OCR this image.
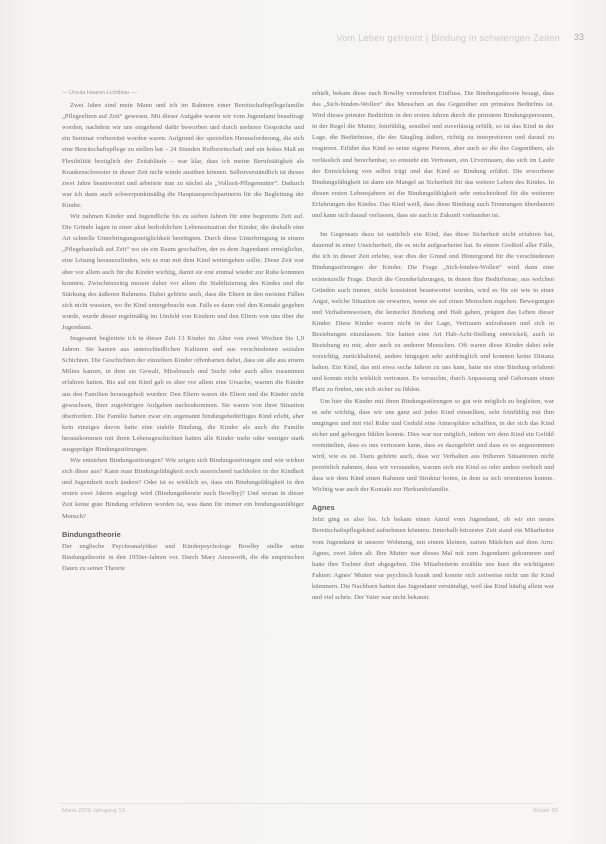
Vom Leben getrennt | Bindung in schwierigen Zeiten 33

— Ursula Haaren-Lichtblau —

Zwei Jahre sind mein Mann und ich im Rahmen einer Bereitschaftspflegefamilie „Pflegeeltern auf Zeit“ gewesen. Mit dieser Aufgabe waren wir vom Jugendamt beauftragt worden, nachdem wir uns eingehend dafür beworben und durch mehrere Gespräche und ein Seminar vorbereitet worden waren. Aufgrund der speziellen Herausforderung, die sich eine Bereitschaftspflege zu stellen hat – 24 Stunden Rufbereitschaft und ein hohes Maß an Flexibilität bezüglich der Zeitabläufe – war klar, dass ich meine Berufstätigkeit als Krankenschwester in dieser Zeit nicht würde ausüben können. Selbstverständlich ist dieses zwei Jahre beantwortet und arbeitete nun zu nächst als „Vollzeit-Pflegemutter“. Dadurch war ich dann auch schwerpunktmäßig die Hauptansprechpartnerin für die Begleitung der Kinder.

Wir nahmen Kinder und Jugendliche bis zu sieben Jahren für eine begrenzte Zeit auf. Die Gründe lagen in einer akut bedrohlichen Lebenssituation der Kinder, die deshalb eine Art schnelle Unterbringungsmöglichkeit benötigten. Durch diese Unterbringung in einem „Pflegehaushalt auf Zeit“ wo sie ein Raum geschaffen, der es dem Jugendamt ermöglichte, eine Lösung herauszufinden, wie es nun mit dem Kind weitergehen sollte. Diese Zeit war aber vor allem auch für die Kinder wichtig, damit sie erst einmal wieder zur Ruhe kommen konnten. Zwischenzeitig musste daher vor allem die Stabilisierung des Kindes und die Stärkung des äußeren Rahmens. Dabei gehörte auch, dass die Eltern in den meisten Fällen sich nicht wussten, wo ihr Kind untergebracht war. Falls es dann viel den Kontakt gegeben wurde, wurde dieser regelmäßig im Umfeld von Kindern und den Eltern von uns über die Jugendamt.

Insgesamt begleitete ich in dieser Zeit 13 Kinder im Alter von zwei Wochen bis 1,9 Jahren. Sie kamen aus unterschiedlichen Kulturen und aus verschiedenen sozialen Schichten. Die Geschichten der einzelnen Kinder offenbarten dabei, dass sie alle aus einem Milieu kamen, in dem sie Gewalt, Missbrauch und Sucht oder auch alles zusammen erfahren hatten. Bis auf ein Kind gab es aber vor allem eine Ursache, warum die Kinder aus den Familien herausgeholt wurden: Den Eltern waren die Eltern und die Kinder nicht gewachsen, ihrer zugehörigen Aufgaben nachzukommen. Sie waren von ihrer Situation überfordert. Die Familie hatten zwar ein sogenannt bindungsbedürftiges Kind erlebt, aber kein einziges davon hatte eine stabile Bindung, die Kinder als auch die Familie herauskommen mit ihren Lebensgeschichten hatten alle Kinder mehr oder weniger stark ausgeprägte Bindungsstörungen.

Wie entstehen Bindungsstörungen? Wie zeigen sich Bindungsstörungen und wie wirken sich diese aus? Kann man Bindungsfähigkeit noch ausreichend nachholen in der Kindheit und Jugendzeit noch ändern? Oder ist es wirklich so, dass ein Bindungsfähigkeit in den ersten zwei Jahren angelegt wird (Bindungstheorie nach Bowlby)? Und woran in dieser Zeit keine gute Bindung erfahren worden ist, was dann für immer ein bindungsunfähiger Mensch?

Bindungstheorie

Der englische Psychoanalytiker und Kinderpsychologe Bowlby stellte seine Bindungstheorie in den 1950er-Jahren vor. Durch Mary Ainsworth, die die empirischen Daten zu seiner Theorie

erhielt, bekam diese nach Bowlby vermehrten Einfluss. Die Bindungstheorie besagt, dass das „Sich-binden-Wollen“ des Menschen an das Gegenüber ein primäres Bedürfnis ist. Wird dieses primäre Bedürfnis in den ersten Jahren durch die primären Bindungspersonen, in der Regel die Mutter, feinfühlig, sensibel und zuverlässig erfüllt, so ist das Kind in der Lage, die Bedürfnisse, die der Säugling äußert, richtig zu interpretieren und darauf zu reagieren. Erfährt das Kind so seine eigene Person, aber auch so die des Gegenübers, als verlässlich und berechenbar, so entsteht ein Vertrauen, ein Urvertrauen, das sich im Laufe der Entwicklung von selbst trägt und das Kind so Bindung erfährt. Die erworbene Bindungsfähigkeit ist dann ein Mangel an Sicherheit für das weitere Leben des Kindes. In diesen ersten Lebensjahren ist die Bindungsfähigkeit sehr entscheidend für die weiteren Erfahrungen des Kindes. Das Kind weiß, dass diese Bindung auch Trennungen überdauern und kann sich darauf verlassen, dass sie auch in Zukunft vorhanden ist.

Im Gegensatz dazu ist natürlich ein Kind, das diese Sicherheit nicht erfahren hat, dauernd in einer Unsicherheit, die es nicht aufgearbeitet hat. In einem Großteil aller Fälle, die ich in dieser Zeit erlebte, war dies der Grund und Hintergrund für die verschiedenen Bindungsstörungen der Kinder. Die Frage „Sich-binden-Wollen“ wird dann eine existenzielle Frage. Durch die Grunderfahrungen, in denen ihre Bedürfnisse, aus welchen Gründen auch immer, nicht konsistent beantwortet wurden, wird es für sie wie in einer Angst, welche Situation sie erwarten, wenn sie auf einen Menschen zugehen. Bewegungen und Verhaltensweisen, die keinerlei Bindung und Halt gaben, prägten das Leben dieser Kinder. Diese Kinder waren nicht in der Lage, Vertrauen aufzubauen und sich in Beziehungen einzulassen. Sie hatten eine Art Hab-Acht-Stellung entwickelt, auch in Beziehung zu mir, aber auch zu anderen Menschen. Oft waren diese Kinder dabei sehr vorsichtig, zurückhaltend, andere hingegen sehr aufdringlich und konnten keine Distanz halten. Ein Kind, das mit etwa sechs Jahren zu uns kam, hatte nie eine Bindung erfahren und konnte nicht wirklich vertrauen. Es versuchte, durch Anpassung und Gehorsam einen Platz zu finden, um sich sicher zu fühlen.

Um hier die Kinder mit ihren Bindungsstörungen so gut wie möglich zu begleiten, war es sehr wichtig, dass wir uns ganz auf jedes Kind einstellten, sehr feinfühlig mit ihm umgingen und mit viel Ruhe und Geduld eine Atmosphäre schafften, in der sich das Kind sicher und geborgen fühlen konnte. Dies war nur möglich, indem wir dem Kind ein Gefühl vermittelten, dass es uns vertrauen kann, dass es dazugehört und dass es so angenommen wird, wie es ist. Dazu gehörte auch, dass wir Verhalten aus früheren Situationen nicht persönlich nahmen, dass wir verstanden, warum sich ein Kind so oder anders verhielt und dass wir dem Kind einen Rahmen und Struktur boten, in dem es sich orientieren konnte. Wichtig war auch der Kontakt zur Herkunftsfamilie.

Agnes

Jetzt ging es also los. Ich bekam einen Anruf vom Jugendamt, ob wir ein neues Bereitschaftspflegekind aufnehmen könnten. Innerhalb kürzester Zeit stand ein Mitarbeiter vom Jugendamt in unserer Wohnung, mit einem kleinen, zarten Mädchen auf dem Arm: Agnes, zwei Jahre alt. Ihre Mutter war dieses Mal mit zum Jugendamt gekommen und hatte ihre Tochter dort abgegeben. Die Mitarbeiterin erzählte uns kurz die wichtigsten Fakten: Agnes' Mutter war psychisch krank und konnte sich zeitweise nicht um ihr Kind kümmern. Die Nachbarn hatten das Jugendamt verständigt, weil das Kind häufig allein war und viel schrie. Der Vater war nicht bekannt.

Maria 2020 Jahrgang 13	Kinder 55
